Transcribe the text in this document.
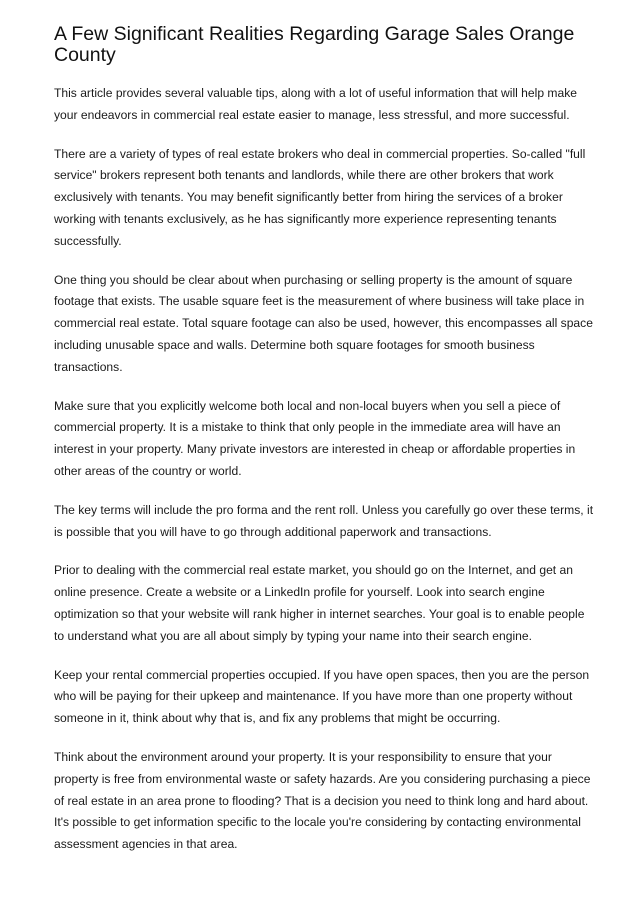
A Few Significant Realities Regarding Garage Sales Orange County

This article provides several valuable tips, along with a lot of useful information that will help make your endeavors in commercial real estate easier to manage, less stressful, and more successful.

There are a variety of types of real estate brokers who deal in commercial properties. So-called "full service" brokers represent both tenants and landlords, while there are other brokers that work exclusively with tenants. You may benefit significantly better from hiring the services of a broker working with tenants exclusively, as he has significantly more experience representing tenants successfully.

One thing you should be clear about when purchasing or selling property is the amount of square footage that exists. The usable square feet is the measurement of where business will take place in commercial real estate. Total square footage can also be used, however, this encompasses all space including unusable space and walls. Determine both square footages for smooth business transactions.

Make sure that you explicitly welcome both local and non-local buyers when you sell a piece of commercial property. It is a mistake to think that only people in the immediate area will have an interest in your property. Many private investors are interested in cheap or affordable properties in other areas of the country or world.

The key terms will include the pro forma and the rent roll. Unless you carefully go over these terms, it is possible that you will have to go through additional paperwork and transactions.

Prior to dealing with the commercial real estate market, you should go on the Internet, and get an online presence. Create a website or a LinkedIn profile for yourself. Look into search engine optimization so that your website will rank higher in internet searches. Your goal is to enable people to understand what you are all about simply by typing your name into their search engine.

Keep your rental commercial properties occupied. If you have open spaces, then you are the person who will be paying for their upkeep and maintenance. If you have more than one property without someone in it, think about why that is, and fix any problems that might be occurring.

Think about the environment around your property. It is your responsibility to ensure that your property is free from environmental waste or safety hazards. Are you considering purchasing a piece of real estate in an area prone to flooding? That is a decision you need to think long and hard about. It's possible to get information specific to the locale you're considering by contacting environmental assessment agencies in that area.
